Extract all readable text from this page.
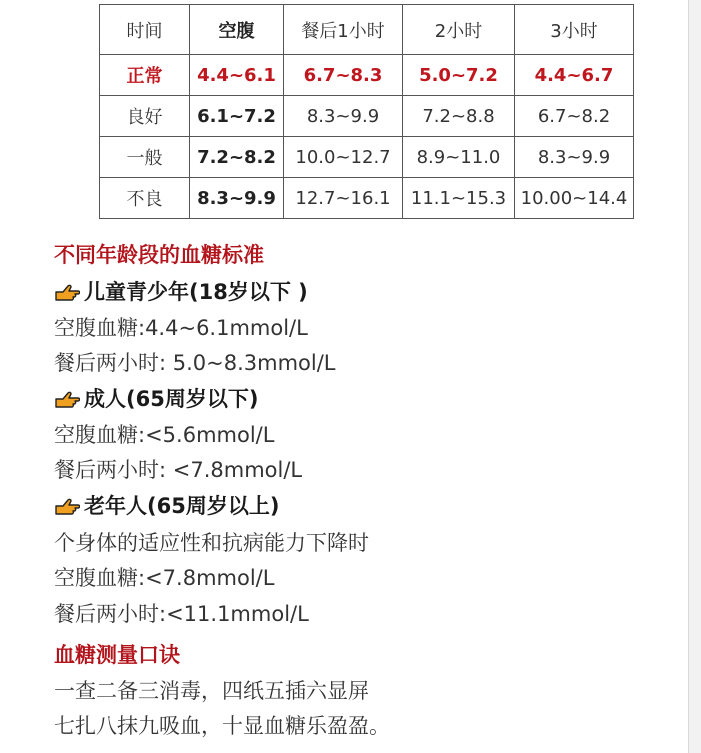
时间	空腹	餐后1小时	2小时	3小时
正常	4.4~6.1	6.7~8.3	5.0~7.2	4.4~6.7
良好	6.1~7.2	8.3~9.9	7.2~8.8	6.7~8.2
一般	7.2~8.2	10.0~12.7	8.9~11.0	8.3~9.9
不良	8.3~9.9	12.7~16.1	11.1~15.3	10.00~14.4
不同年龄段的血糖标准
儿童青少年(18岁以下 )
空腹血糖:4.4~6.1mmol/L
餐后两小时: 5.0~8.3mmol/L
成人(65周岁以下)
空腹血糖:<5.6mmol/L
餐后两小时: <7.8mmol/L
老年人(65周岁以上)
个身体的适应性和抗病能力下降时
空腹血糖:<7.8mmol/L
餐后两小时:<11.1mmol/L
血糖测量口诀
一查二备三消毒，四纸五插六显屏
七扎八抹九吸血，十显血糖乐盈盈。
